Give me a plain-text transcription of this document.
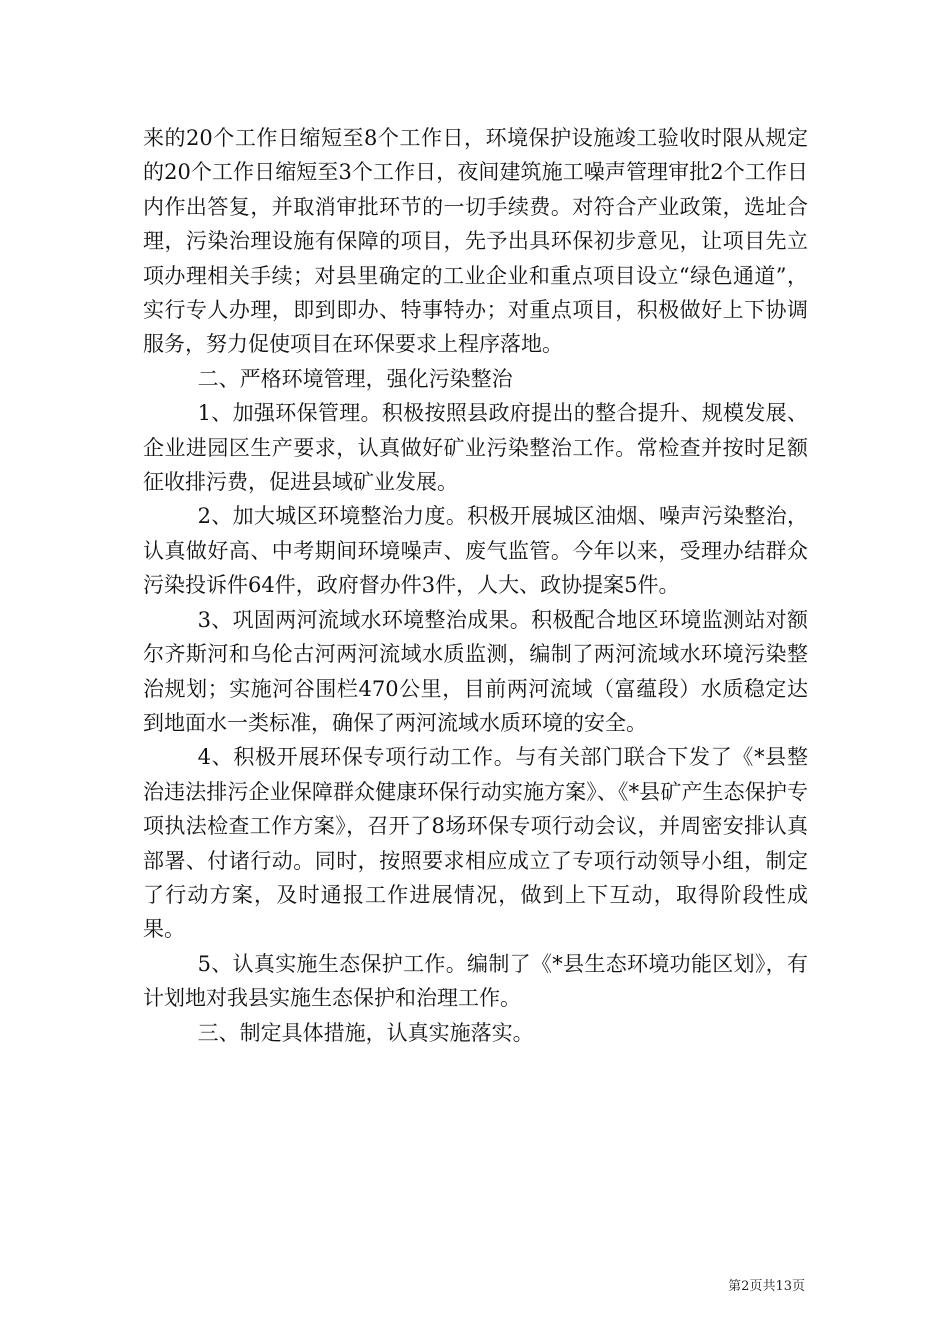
来的20个工作日缩短至8个工作日，环境保护设施竣工验收时限从规定的20个工作日缩短至3个工作日，夜间建筑施工噪声管理审批2个工作日内作出答复，并取消审批环节的一切手续费。对符合产业政策，选址合理，污染治理设施有保障的项目，先予出具环保初步意见，让项目先立项办理相关手续；对县里确定的工业企业和重点项目设立“绿色通道”，实行专人办理，即到即办、特事特办；对重点项目，积极做好上下协调服务，努力促使项目在环保要求上程序落地。

二、严格环境管理，强化污染整治

1、加强环保管理。积极按照县政府提出的整合提升、规模发展、企业进园区生产要求，认真做好矿业污染整治工作。常检查并按时足额征收排污费，促进县域矿业发展。

2、加大城区环境整治力度。积极开展城区油烟、噪声污染整治，认真做好高、中考期间环境噪声、废气监管。今年以来，受理办结群众污染投诉件64件，政府督办件3件，人大、政协提案5件。

3、巩固两河流域水环境整治成果。积极配合地区环境监测站对额尔齐斯河和乌伦古河两河流域水质监测，编制了两河流域水环境污染整治规划；实施河谷围栏470公里，目前两河流域（富蕴段）水质稳定达到地面水一类标准，确保了两河流域水质环境的安全。

4、积极开展环保专项行动工作。与有关部门联合下发了《*县整治违法排污企业保障群众健康环保行动实施方案》、《*县矿产生态保护专项执法检查工作方案》，召开了8场环保专项行动会议，并周密安排认真部署、付诸行动。同时，按照要求相应成立了专项行动领导小组，制定了行动方案，及时通报工作进展情况，做到上下互动，取得阶段性成果。

5、认真实施生态保护工作。编制了《*县生态环境功能区划》，有计划地对我县实施生态保护和治理工作。

三、制定具体措施，认真实施落实。

第2页共13页
